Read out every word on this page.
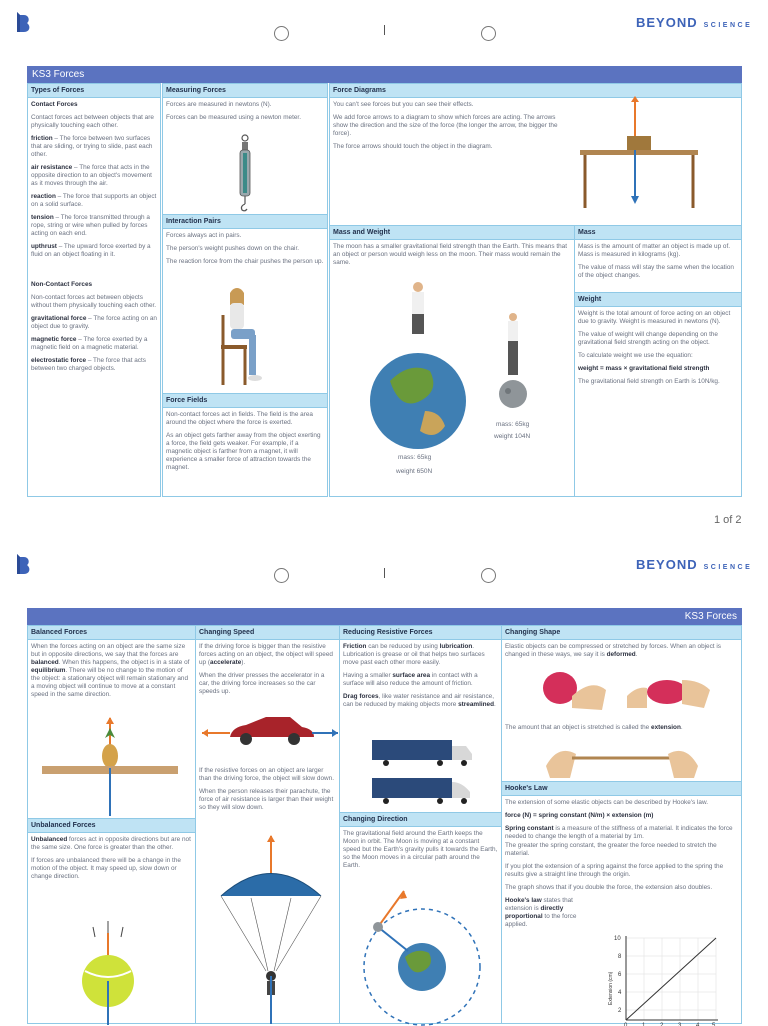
BEYOND SCIENCE
KS3 Forces
Types of Forces

Contact Forces

Contact forces act between objects that are physically touching each other.

friction – The force between two surfaces that are sliding, or trying to slide, past each other.

air resistance – The force that acts in the opposite direction to an object's movement as it moves through the air.

reaction – The force that supports an object on a solid surface.

tension – The force transmitted through a rope, string or wire when pulled by forces acting on each end.

upthrust – The upward force exerted by a fluid on an object floating in it.

Non-Contact Forces

Non-contact forces act between objects without them physically touching each other.

gravitational force – The force acting on an object due to gravity.

magnetic force – The force exerted by a magnetic field on a magnetic material.

electrostatic force – The force that acts between two charged objects.

Measuring Forces

Forces are measured in newtons (N).

Forces can be measured using a newton meter.

Interaction Pairs

Forces always act in pairs.

The person's weight pushes down on the chair.

The reaction force from the chair pushes the person up.

Force Fields

Non-contact forces act in fields. The field is the area around the object where the force is exerted.

As an object gets farther away from the object exerting a force, the field gets weaker. For example, if a magnetic object is farther from a magnet, it will experience a smaller force of attraction towards the magnet.

Force Diagrams

You can't see forces but you can see their effects.

We add force arrows to a diagram to show which forces are acting. The arrows show the direction and the size of the force (the longer the arrow, the bigger the force).

The force arrows should touch the object in the diagram.

Mass and Weight

The moon has a smaller gravitational field strength than the Earth. This means that an object or person would weigh less on the moon. Their mass would remain the same.

mass: 65kg
weight 650N
mass: 65kg
weight 104N
Mass

Mass is the amount of matter an object is made up of. Mass is measured in kilograms (kg).

The value of mass will stay the same when the location of the object changes.

Weight

Weight is the total amount of force acting on an object due to gravity. Weight is measured in newtons (N).

The value of weight will change depending on the gravitational field strength acting on the object.

To calculate weight we use the equation:

weight = mass × gravitational field strength

The gravitational field strength on Earth is 10N/kg.

1 of 2
BEYOND SCIENCE
KS3 Forces
Balanced Forces

When the forces acting on an object are the same size but in opposite directions, we say that the forces are balanced. When this happens, the object is in a state of equilibrium. There will be no change to the motion of the object: a stationary object will remain stationary and a moving object will continue to move at a constant speed in the same direction.

Unbalanced Forces

Unbalanced forces act in opposite directions but are not the same size. One force is greater than the other.

If forces are unbalanced there will be a change in the motion of the object. It may speed up, slow down or change direction.

Changing Speed

If the driving force is bigger than the resistive forces acting on an object, the object will speed up (accelerate).

When the driver presses the accelerator in a car, the driving force increases so the car speeds up.

If the resistive forces on an object are larger than the driving force, the object will slow down.

When the person releases their parachute, the force of air resistance is larger than their weight so they will slow down.

Reducing Resistive Forces

Friction can be reduced by using lubrication. Lubrication is grease or oil that helps two surfaces move past each other more easily.

Having a smaller surface area in contact with a surface will also reduce the amount of friction.

Drag forces, like water resistance and air resistance, can be reduced by making objects more streamlined.

Changing Direction

The gravitational field around the Earth keeps the Moon in orbit. The Moon is moving at a constant speed but the Earth's gravity pulls it towards the Earth, so the Moon moves in a circular path around the Earth.

Changing Shape

Elastic objects can be compressed or stretched by forces. When an object is changed in these ways, we say it is deformed.

The amount that an object is stretched is called the extension.

Hooke's Law

The extension of some elastic objects can be described by Hooke's law.

force (N) = spring constant (N/m) × extension (m)

Spring constant is a measure of the stiffness of a material. It indicates the force needed to change the length of a material by 1m.

The greater the spring constant, the greater the force needed to stretch the material.

If you plot the extension of a spring against the force applied to the spring the results give a straight line through the origin.

The graph shows that if you double the force, the extension also doubles.

Hooke's law states that extension is directly proportional to the force applied.

10
8
6
4
2
0 1 2 3 4 5
Extension (cm)
